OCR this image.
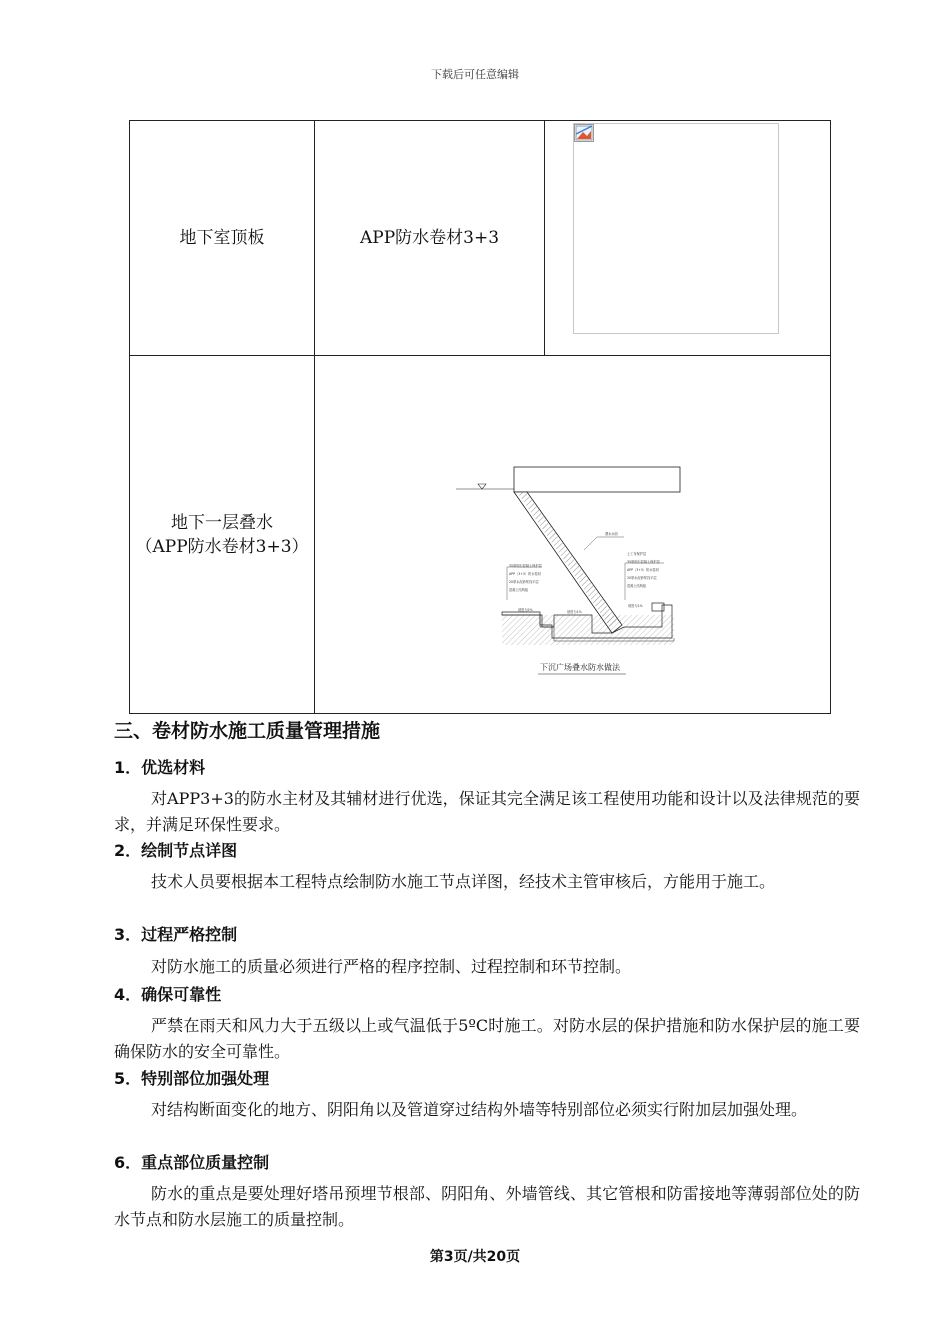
下载后可任意编辑
地下室顶板	APP防水卷材3+3
地下一层叠水
（APP防水卷材3+3）
35厚细石混凝土保护层
APP（3+3）防水卷材
20厚水泥砂浆找平层
混凝土结构板
土工布保护层
35厚细石混凝土保护层
APP（3+3）防水卷材
20厚水泥砂浆找平层
混凝土结构板
叠水水面
坡度为2%	坡度为1%
坡度为1%
下沉广场叠水防水做法
三、卷材防水施工质量管理措施
1．优选材料
对APP3+3的防水主材及其辅材进行优选，保证其完全满足该工程使用功能和设计以及法律规范的要求，并满足环保性要求。
2．绘制节点详图
技术人员要根据本工程特点绘制防水施工节点详图，经技术主管审核后，方能用于施工。
3．过程严格控制
对防水施工的质量必须进行严格的程序控制、过程控制和环节控制。
4．确保可靠性
严禁在雨天和风力大于五级以上或气温低于5ºC时施工。对防水层的保护措施和防水保护层的施工要确保防水的安全可靠性。
5．特别部位加强处理
对结构断面变化的地方、阴阳角以及管道穿过结构外墙等特别部位必须实行附加层加强处理。
6．重点部位质量控制
防水的重点是要处理好塔吊预埋节根部、阴阳角、外墙管线、其它管根和防雷接地等薄弱部位处的防水节点和防水层施工的质量控制。
第3页/共20页
